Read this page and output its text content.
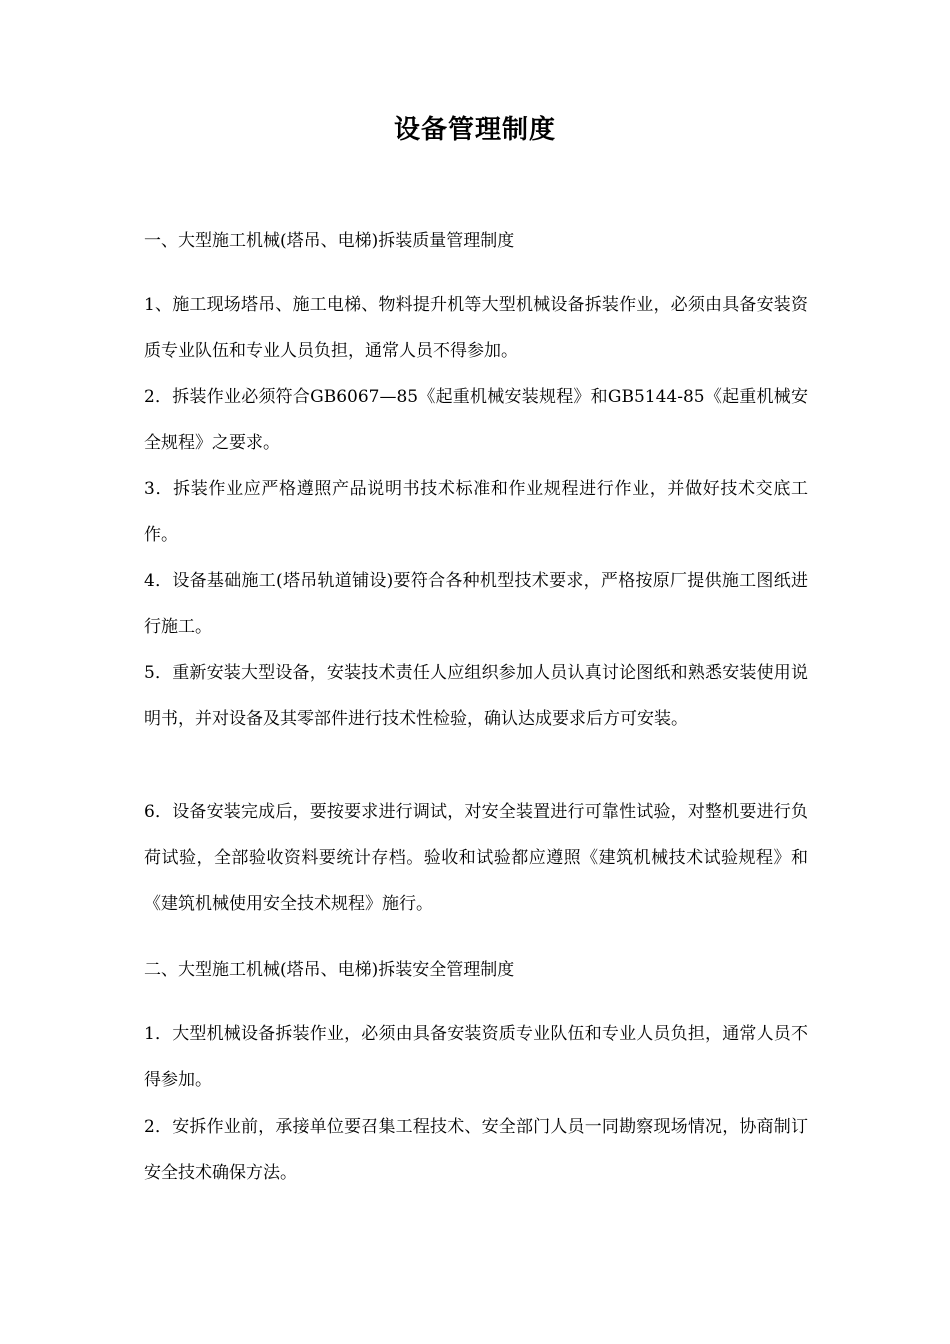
设备管理制度
一、大型施工机械(塔吊、电梯)拆装质量管理制度

1、施工现场塔吊、施工电梯、物料提升机等大型机械设备拆装作业，必须由具备安装资质专业队伍和专业人员负担，通常人员不得参加。

2．拆装作业必须符合GB6067—85《起重机械安装规程》和GB5144-85《起重机械安全规程》之要求。

3．拆装作业应严格遵照产品说明书技术标准和作业规程进行作业，并做好技术交底工作。

4．设备基础施工(塔吊轨道铺设)要符合各种机型技术要求，严格按原厂提供施工图纸进行施工。

5．重新安装大型设备，安装技术责任人应组织参加人员认真讨论图纸和熟悉安装使用说明书，并对设备及其零部件进行技术性检验，确认达成要求后方可安装。

6．设备安装完成后，要按要求进行调试，对安全装置进行可靠性试验，对整机要进行负荷试验，全部验收资料要统计存档。验收和试验都应遵照《建筑机械技术试验规程》和《建筑机械使用安全技术规程》施行。

二、大型施工机械(塔吊、电梯)拆装安全管理制度

1．大型机械设备拆装作业，必须由具备安装资质专业队伍和专业人员负担，通常人员不得参加。

2．安拆作业前，承接单位要召集工程技术、安全部门人员一同勘察现场情况，协商制订安全技术确保方法。
